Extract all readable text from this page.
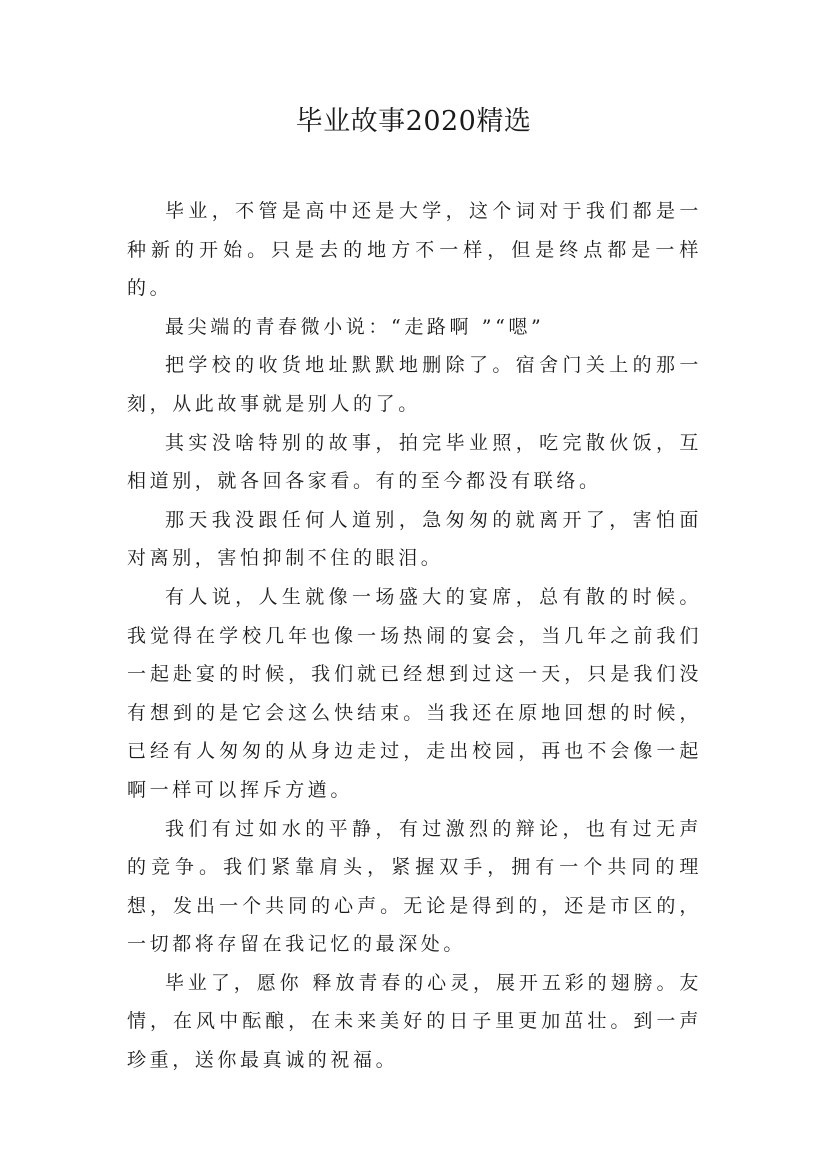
毕业故事2020精选

毕业，不管是高中还是大学，这个词对于我们都是一种新的开始。只是去的地方不一样，但是终点都是一样的。

最尖端的青春微小说：“走路啊 ”“嗯”

把学校的收货地址默默地删除了。宿舍门关上的那一刻，从此故事就是别人的了。

其实没啥特别的故事，拍完毕业照，吃完散伙饭，互相道别，就各回各家看。有的至今都没有联络。

那天我没跟任何人道别，急匆匆的就离开了，害怕面对离别，害怕抑制不住的眼泪。

有人说，人生就像一场盛大的宴席，总有散的时候。我觉得在学校几年也像一场热闹的宴会，当几年之前我们一起赴宴的时候，我们就已经想到过这一天，只是我们没有想到的是它会这么快结束。当我还在原地回想的时候，已经有人匆匆的从身边走过，走出校园，再也不会像一起啊一样可以挥斥方遒。

我们有过如水的平静，有过激烈的辩论，也有过无声的竞争。我们紧靠肩头，紧握双手，拥有一个共同的理想，发出一个共同的心声。无论是得到的，还是市区的，一切都将存留在我记忆的最深处。

毕业了，愿你 释放青春的心灵，展开五彩的翅膀。友情，在风中酝酿，在未来美好的日子里更加茁壮。到一声珍重，送你最真诚的祝福。
